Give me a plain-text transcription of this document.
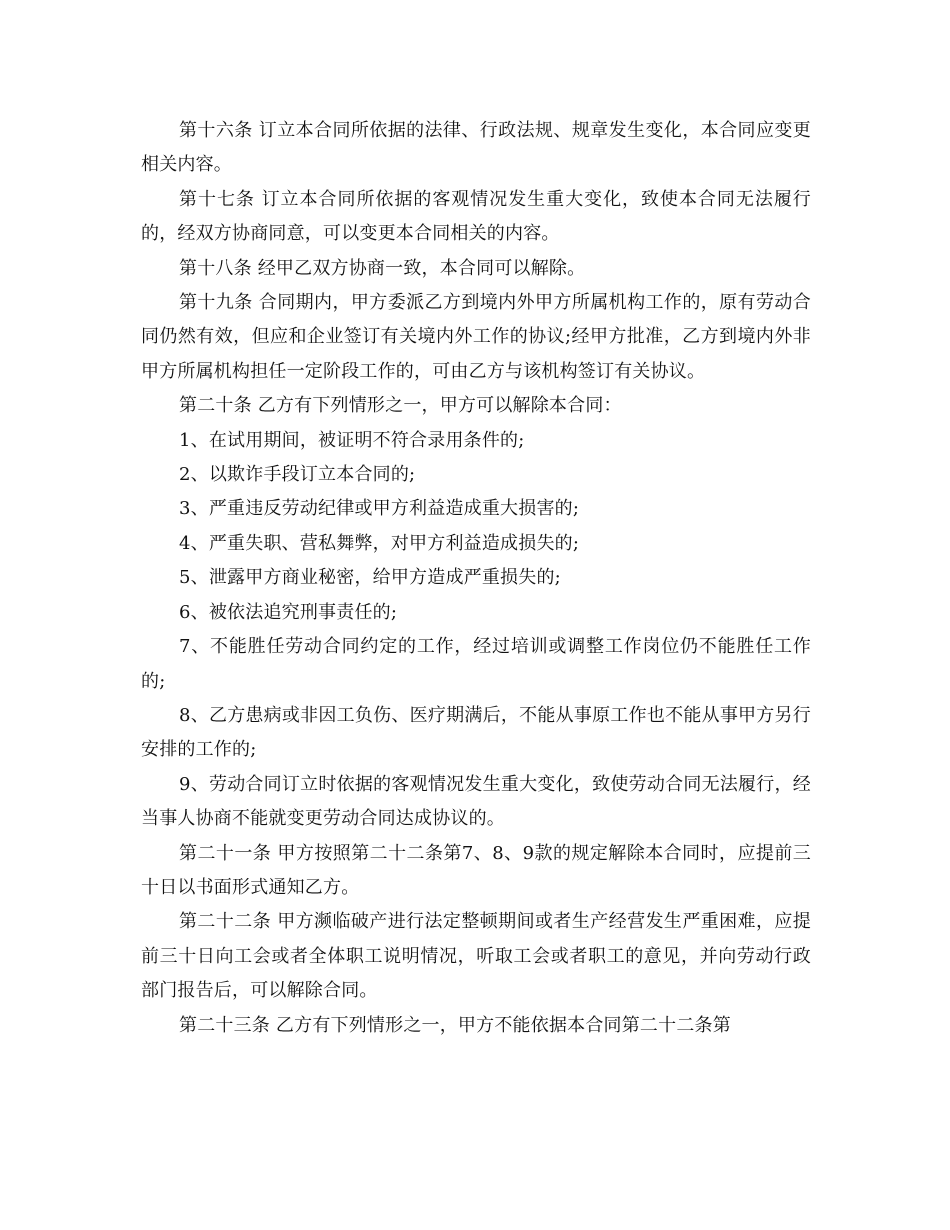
第十六条 订立本合同所依据的法律、行政法规、规章发生变化，本合同应变更相关内容。

第十七条 订立本合同所依据的客观情况发生重大变化，致使本合同无法履行的，经双方协商同意，可以变更本合同相关的内容。

第十八条 经甲乙双方协商一致，本合同可以解除。

第十九条 合同期内，甲方委派乙方到境内外甲方所属机构工作的，原有劳动合同仍然有效，但应和企业签订有关境内外工作的协议;经甲方批准，乙方到境内外非甲方所属机构担任一定阶段工作的，可由乙方与该机构签订有关协议。

第二十条 乙方有下列情形之一，甲方可以解除本合同：

1、在试用期间，被证明不符合录用条件的;

2、以欺诈手段订立本合同的;

3、严重违反劳动纪律或甲方利益造成重大损害的;

4、严重失职、营私舞弊，对甲方利益造成损失的;

5、泄露甲方商业秘密，给甲方造成严重损失的;

6、被依法追究刑事责任的;

7、不能胜任劳动合同约定的工作，经过培训或调整工作岗位仍不能胜任工作的;

8、乙方患病或非因工负伤、医疗期满后，不能从事原工作也不能从事甲方另行安排的工作的;

9、劳动合同订立时依据的客观情况发生重大变化，致使劳动合同无法履行，经当事人协商不能就变更劳动合同达成协议的。

第二十一条 甲方按照第二十二条第7、8、9款的规定解除本合同时，应提前三十日以书面形式通知乙方。

第二十二条 甲方濒临破产进行法定整顿期间或者生产经营发生严重困难，应提前三十日向工会或者全体职工说明情况，听取工会或者职工的意见，并向劳动行政部门报告后，可以解除合同。

第二十三条 乙方有下列情形之一，甲方不能依据本合同第二十二条第
